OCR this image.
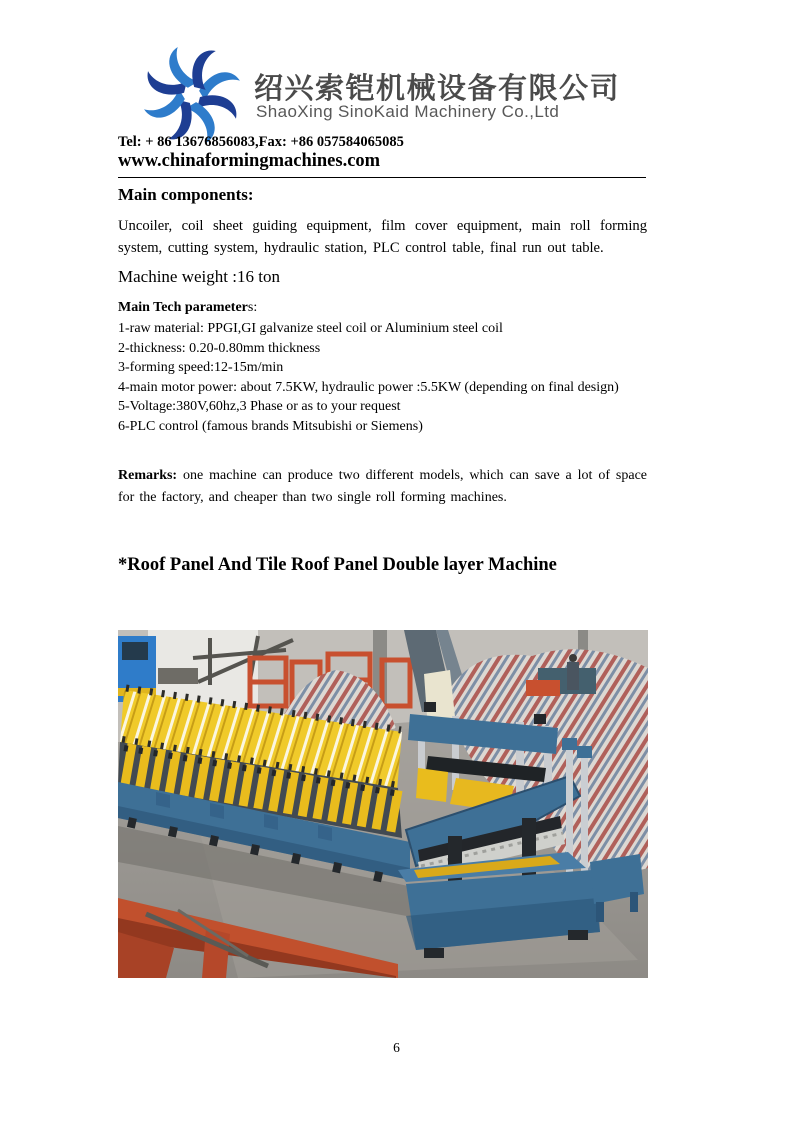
绍兴索铠机械设备有限公司
ShaoXing SinoKaid Machinery Co.,Ltd
Tel: + 86 13676856083,Fax: +86 057584065085
www.chinaformingmachines.com
Main components:
Uncoiler, coil sheet guiding equipment, film cover equipment, main roll forming system, cutting system, hydraulic station, PLC control table, final run out table.
Machine weight :16 ton
Main Tech parameters:
1-raw material: PPGI,GI galvanize steel coil or Aluminium steel coil
2-thickness: 0.20-0.80mm thickness
3-forming speed:12-15m/min
4-main motor power: about 7.5KW, hydraulic power :5.5KW (depending on final design)
5-Voltage:380V,60hz,3 Phase or as to your request
6-PLC control (famous brands Mitsubishi or Siemens)
Remarks: one machine can produce two different models, which can save a lot of space for the factory, and cheaper than two single roll forming machines.
*Roof Panel And Tile Roof Panel Double layer Machine
6
